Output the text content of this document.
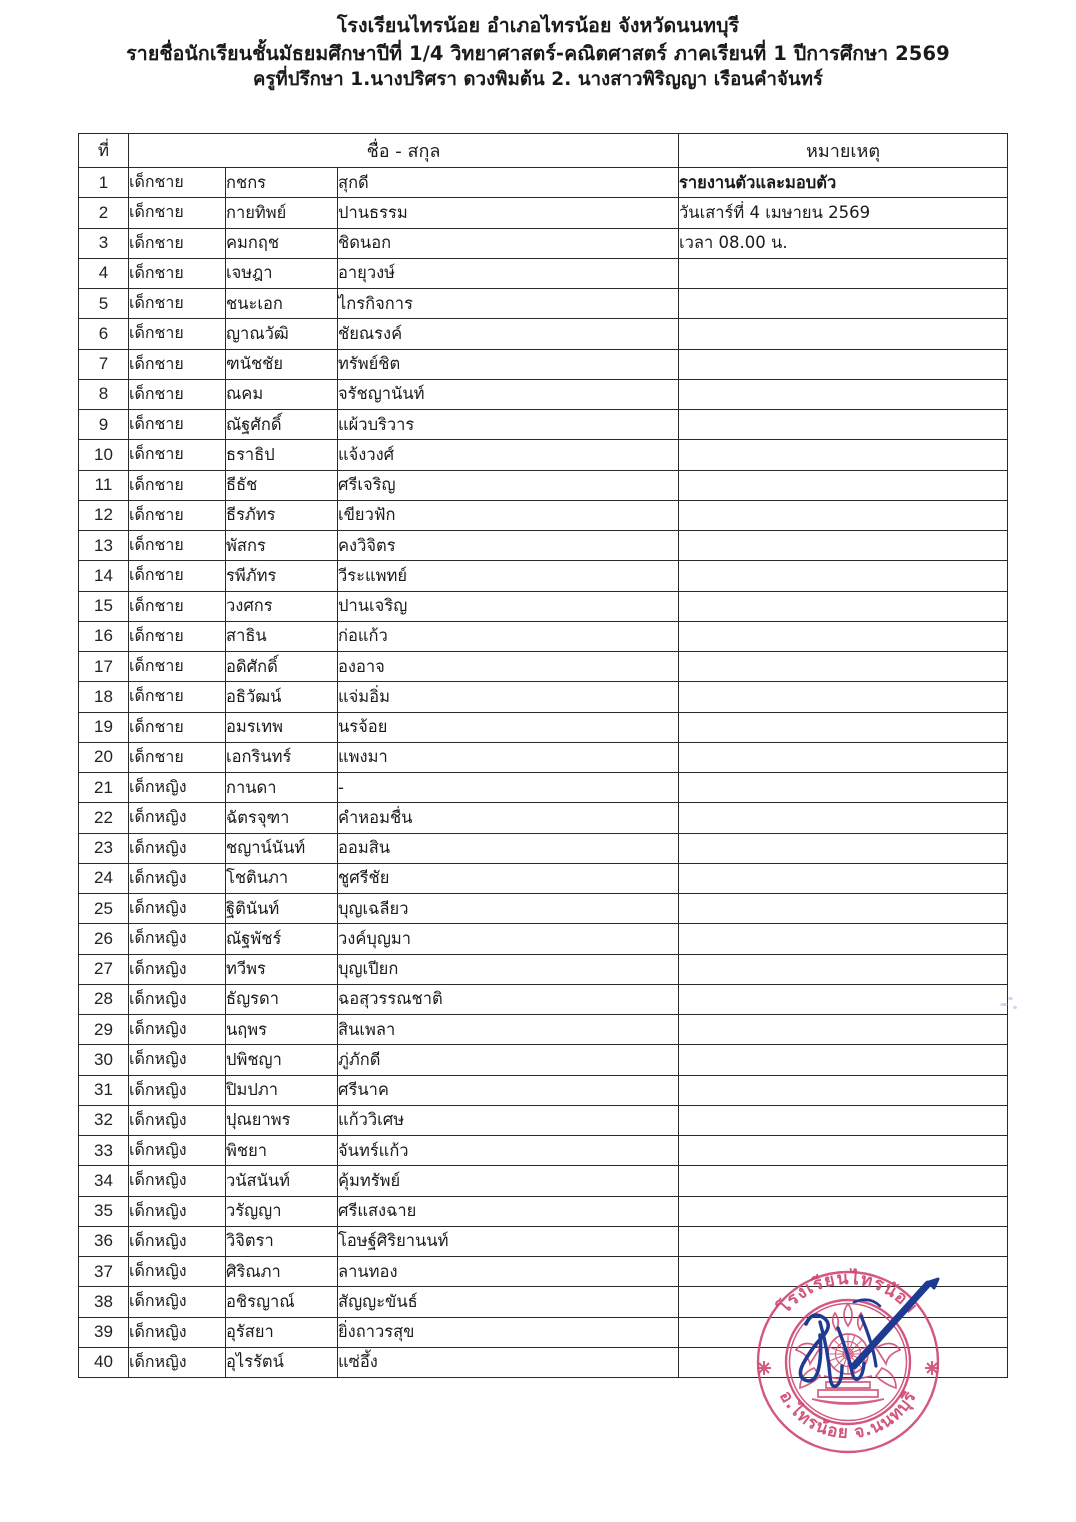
โรงเรียนไทรน้อย อำเภอไทรน้อย จังหวัดนนทบุรี
รายชื่อนักเรียนชั้นมัธยมศึกษาปีที่ 1/4 วิทยาศาสตร์-คณิตศาสตร์ ภาคเรียนที่ 1 ปีการศึกษา 2569
ครูที่ปรึกษา 1.นางปริศรา ดวงพิมต้น 2. นางสาวพิริญญา เรือนคำจันทร์
ที่	ชื่อ - สกุล			หมายเหตุ
1	เด็กชาย	กชกร	สุกดี	รายงานตัวและมอบตัว
2	เด็กชาย	กายทิพย์	ปานธรรม	วันเสาร์ที่ 4 เมษายน 2569
3	เด็กชาย	คมกฤช	ชิดนอก	เวลา 08.00 น.
4	เด็กชาย	เจษฎา	อายุวงษ์	
5	เด็กชาย	ชนะเอก	ไกรกิจการ	
6	เด็กชาย	ญาณวัฒิ	ชัยณรงค์	
7	เด็กชาย	ฑนัชชัย	ทรัพย์ชิต	
8	เด็กชาย	ณคม	จรัชญานันท์	
9	เด็กชาย	ณัฐศักดิ์	แผ้วบริวาร	
10	เด็กชาย	ธราธิป	แจ้งวงศ์	
11	เด็กชาย	ธีธัช	ศรีเจริญ	
12	เด็กชาย	ธีรภัทร	เขียวฟัก	
13	เด็กชาย	พัสกร	คงวิจิตร	
14	เด็กชาย	รพีภัทร	วีระแพทย์	
15	เด็กชาย	วงศกร	ปานเจริญ	
16	เด็กชาย	สาธิน	ก่อแก้ว	
17	เด็กชาย	อดิศักดิ์	องอาจ	
18	เด็กชาย	อธิวัฒน์	แจ่มอิ่ม	
19	เด็กชาย	อมรเทพ	นรจ้อย	
20	เด็กชาย	เอกรินทร์	แพงมา	
21	เด็กหญิง	กานดา	-	
22	เด็กหญิง	ฉัตรจุฑา	คำหอมชื่น	
23	เด็กหญิง	ชญาน์นันท์	ออมสิน	
24	เด็กหญิง	โชตินภา	ชูศรีชัย	
25	เด็กหญิง	ฐิตินันท์	บุญเฉลียว	
26	เด็กหญิง	ณัฐพัชร์	วงค์บุญมา	
27	เด็กหญิง	ทวีพร	บุญเปียก	
28	เด็กหญิง	ธัญรดา	ฉอสุวรรณชาติ	
29	เด็กหญิง	นฤพร	สินเพลา	
30	เด็กหญิง	ปพิชญา	ภู่ภักดี	
31	เด็กหญิง	ปิมปภา	ศรีนาค	
32	เด็กหญิง	ปุณยาพร	แก้ววิเศษ	
33	เด็กหญิง	พิชยา	จันทร์แก้ว	
34	เด็กหญิง	วนัสนันท์	คุ้มทรัพย์	
35	เด็กหญิง	วรัญญา	ศรีแสงฉาย	
36	เด็กหญิง	วิจิตรา	โอษฐ์ศิริยานนท์	
37	เด็กหญิง	ศิริณภา	ลานทอง	
38	เด็กหญิง	อชิรญาณ์	สัญญะขันธ์	
39	เด็กหญิง	อุรัสยา	ยิ่งถาวรสุข	
40	เด็กหญิง	อุไรรัตน์	แซ่อึ้ง	
โรงเรียนไทรน้อย
อ.ไทรน้อย จ.นนทบุรี
